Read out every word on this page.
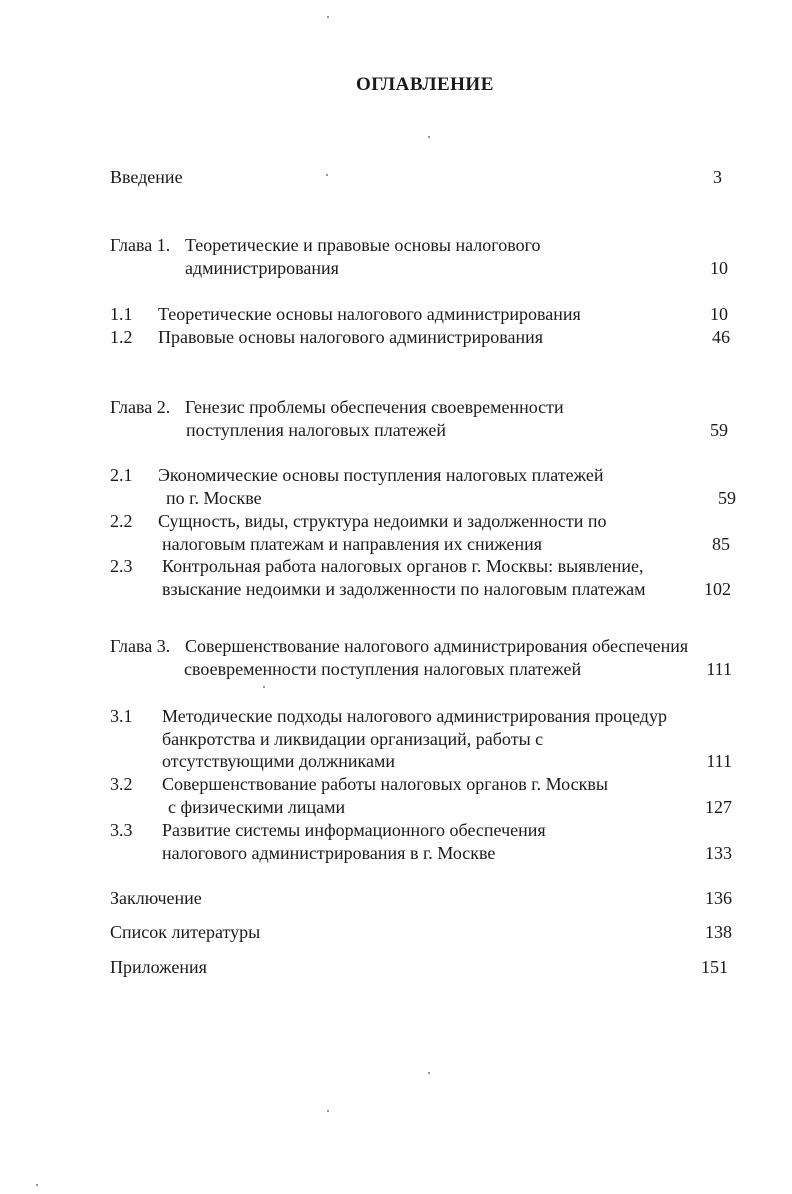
ОГЛАВЛЕНИЕ
Введение	3
Глава 1. Теоретические и правовые основы налогового
администрирования	10
1.1 Теоретические основы налогового администрирования	10
1.2 Правовые основы налогового администрирования	46
Глава 2. Генезис проблемы обеспечения своевременности
поступления налоговых платежей	59
2.1 Экономические основы поступления налоговых платежей
по г. Москве	59
2.2 Сущность, виды, структура недоимки и задолженности по
налоговым платежам и направления их снижения	85
2.3 Контрольная работа налоговых органов г. Москвы: выявление,
взыскание недоимки и задолженности по налоговым платежам	102
Глава 3. Совершенствование налогового администрирования обеспечения
своевременности поступления налоговых платежей	111
3.1 Методические подходы налогового администрирования процедур
банкротства и ликвидации организаций, работы с
отсутствующими должниками	111
3.2 Совершенствование работы налоговых органов г. Москвы
с физическими лицами	127
3.3 Развитие системы информационного обеспечения
налогового администрирования в г. Москве	133
Заключение	136
Список литературы	138
Приложения	151
